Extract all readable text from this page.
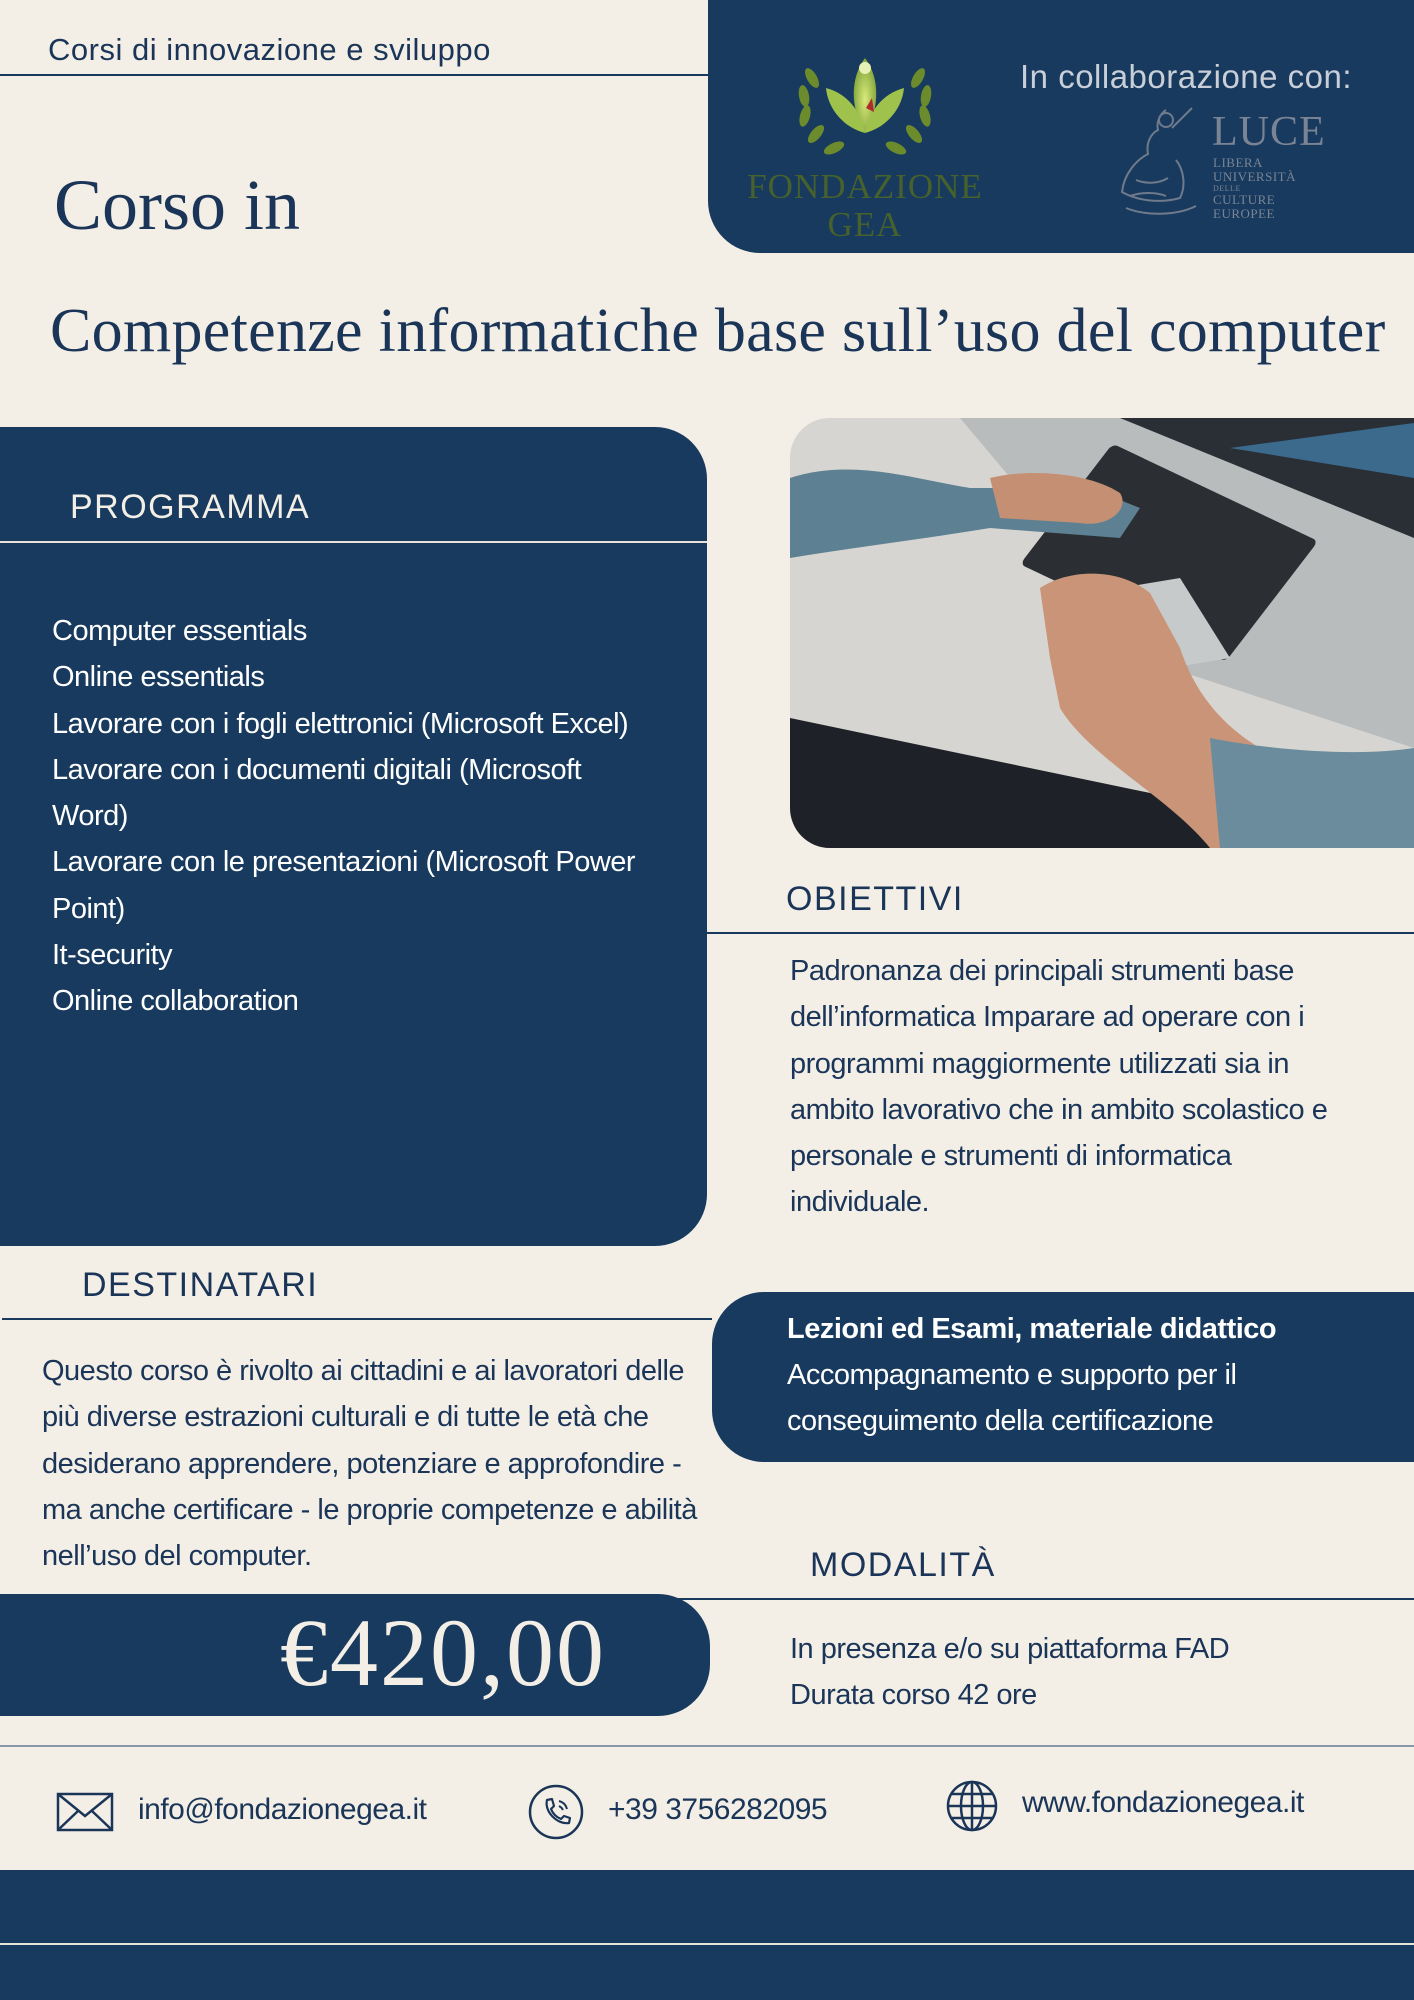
Corsi di innovazione e sviluppo
FONDAZIONE
GEA
In collaborazione con:
LUCE
LIBERA
UNIVERSITÀ
DELLE
CULTURE
EUROPEE
Corso in
Competenze informatiche base sull’uso del computer
PROGRAMMA
Computer essentials
Online essentials
Lavorare con i fogli elettronici (Microsoft Excel)
Lavorare con i documenti digitali (Microsoft Word)
Lavorare con le presentazioni (Microsoft Power Point)
It-security
Online collaboration
OBIETTIVI
Padronanza dei principali strumenti base dell’informatica Imparare ad operare con i programmi maggiormente utilizzati sia in ambito lavorativo che in ambito scolastico e personale e strumenti di informatica individuale.
DESTINATARI
Questo corso è rivolto ai cittadini e ai lavoratori delle più diverse estrazioni culturali e di tutte le età che desiderano apprendere, potenziare e approfondire - ma anche certificare - le proprie competenze e abilità nell’uso del computer.
Lezioni ed Esami, materiale didattico
Accompagnamento e supporto per il conseguimento della certificazione
MODALITÀ
In presenza e/o su piattaforma FAD
Durata corso 42 ore
€420,00
info@fondazionegea.it	+39 3756282095	www.fondazionegea.it
